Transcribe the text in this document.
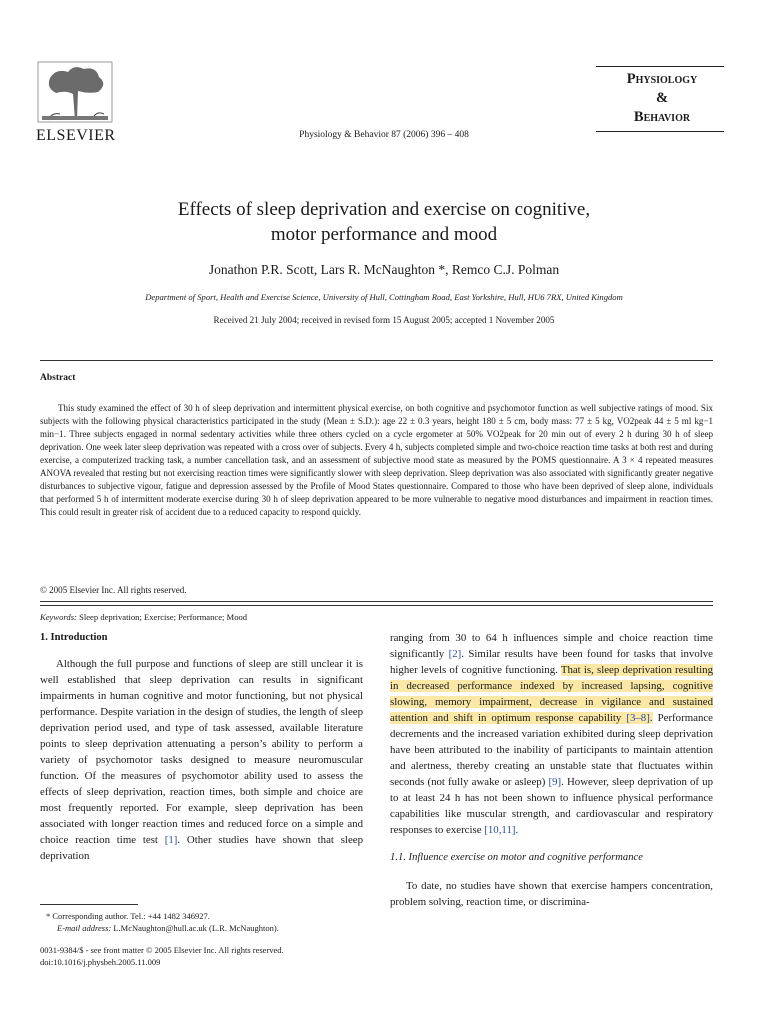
ELSEVIER	Physiology & Behavior 87 (2006) 396 – 408
Physiology
&
Behavior
Effects of sleep deprivation and exercise on cognitive,
motor performance and mood
Jonathon P.R. Scott, Lars R. McNaughton *, Remco C.J. Polman
Department of Sport, Health and Exercise Science, University of Hull, Cottingham Road, East Yorkshire, Hull, HU6 7RX, United Kingdom
Received 21 July 2004; received in revised form 15 August 2005; accepted 1 November 2005
Abstract
This study examined the effect of 30 h of sleep deprivation and intermittent physical exercise, on both cognitive and psychomotor function as well subjective ratings of mood. Six subjects with the following physical characteristics participated in the study (Mean ± S.D.): age 22 ± 0.3 years, height 180 ± 5 cm, body mass: 77 ± 5 kg, VO2peak 44 ± 5 ml kg−1 min−1. Three subjects engaged in normal sedentary activities while three others cycled on a cycle ergometer at 50% VO2peak for 20 min out of every 2 h during 30 h of sleep deprivation. One week later sleep deprivation was repeated with a cross over of subjects. Every 4 h, subjects completed simple and two-choice reaction time tasks at both rest and during exercise, a computerized tracking task, a number cancellation task, and an assessment of subjective mood state as measured by the POMS questionnaire. A 3 × 4 repeated measures ANOVA revealed that resting but not exercising reaction times were significantly slower with sleep deprivation. Sleep deprivation was also associated with significantly greater negative disturbances to subjective vigour, fatigue and depression assessed by the Profile of Mood States questionnaire. Compared to those who have been deprived of sleep alone, individuals that performed 5 h of intermittent moderate exercise during 30 h of sleep deprivation appeared to be more vulnerable to negative mood disturbances and impairment in reaction times. This could result in greater risk of accident due to a reduced capacity to respond quickly.
© 2005 Elsevier Inc. All rights reserved.
Keywords: Sleep deprivation; Exercise; Performance; Mood
1. Introduction

Although the full purpose and functions of sleep are still unclear it is well established that sleep deprivation can results in significant impairments in human cognitive and motor functioning, but not physical performance. Despite variation in the design of studies, the length of sleep deprivation period used, and type of task assessed, available literature points to sleep deprivation attenuating a person’s ability to perform a variety of psychomotor tasks designed to measure neuromuscular function. Of the measures of psychomotor ability used to assess the effects of sleep deprivation, reaction times, both simple and choice are most frequently reported. For example, sleep deprivation has been associated with longer reaction times and reduced force on a simple and choice reaction time test [1]. Other studies have shown that sleep deprivation

ranging from 30 to 64 h influences simple and choice reaction time significantly [2]. Similar results have been found for tasks that involve higher levels of cognitive functioning. That is, sleep deprivation resulting in decreased performance indexed by increased lapsing, cognitive slowing, memory impairment, decrease in vigilance and sustained attention and shift in optimum response capability [3–8]. Performance decrements and the increased variation exhibited during sleep deprivation have been attributed to the inability of participants to maintain attention and alertness, thereby creating an unstable state that fluctuates within seconds (not fully awake or asleep) [9]. However, sleep deprivation of up to at least 24 h has not been shown to influence physical performance capabilities like muscular strength, and cardiovascular and respiratory responses to exercise [10,11].

1.1. Influence exercise on motor and cognitive performance

To date, no studies have shown that exercise hampers concentration, problem solving, reaction time, or discrimina-

* Corresponding author. Tel.: +44 1482 346927.
E-mail address: L.McNaughton@hull.ac.uk (L.R. McNaughton).
0031-9384/$ - see front matter © 2005 Elsevier Inc. All rights reserved.
doi:10.1016/j.physbeh.2005.11.009
